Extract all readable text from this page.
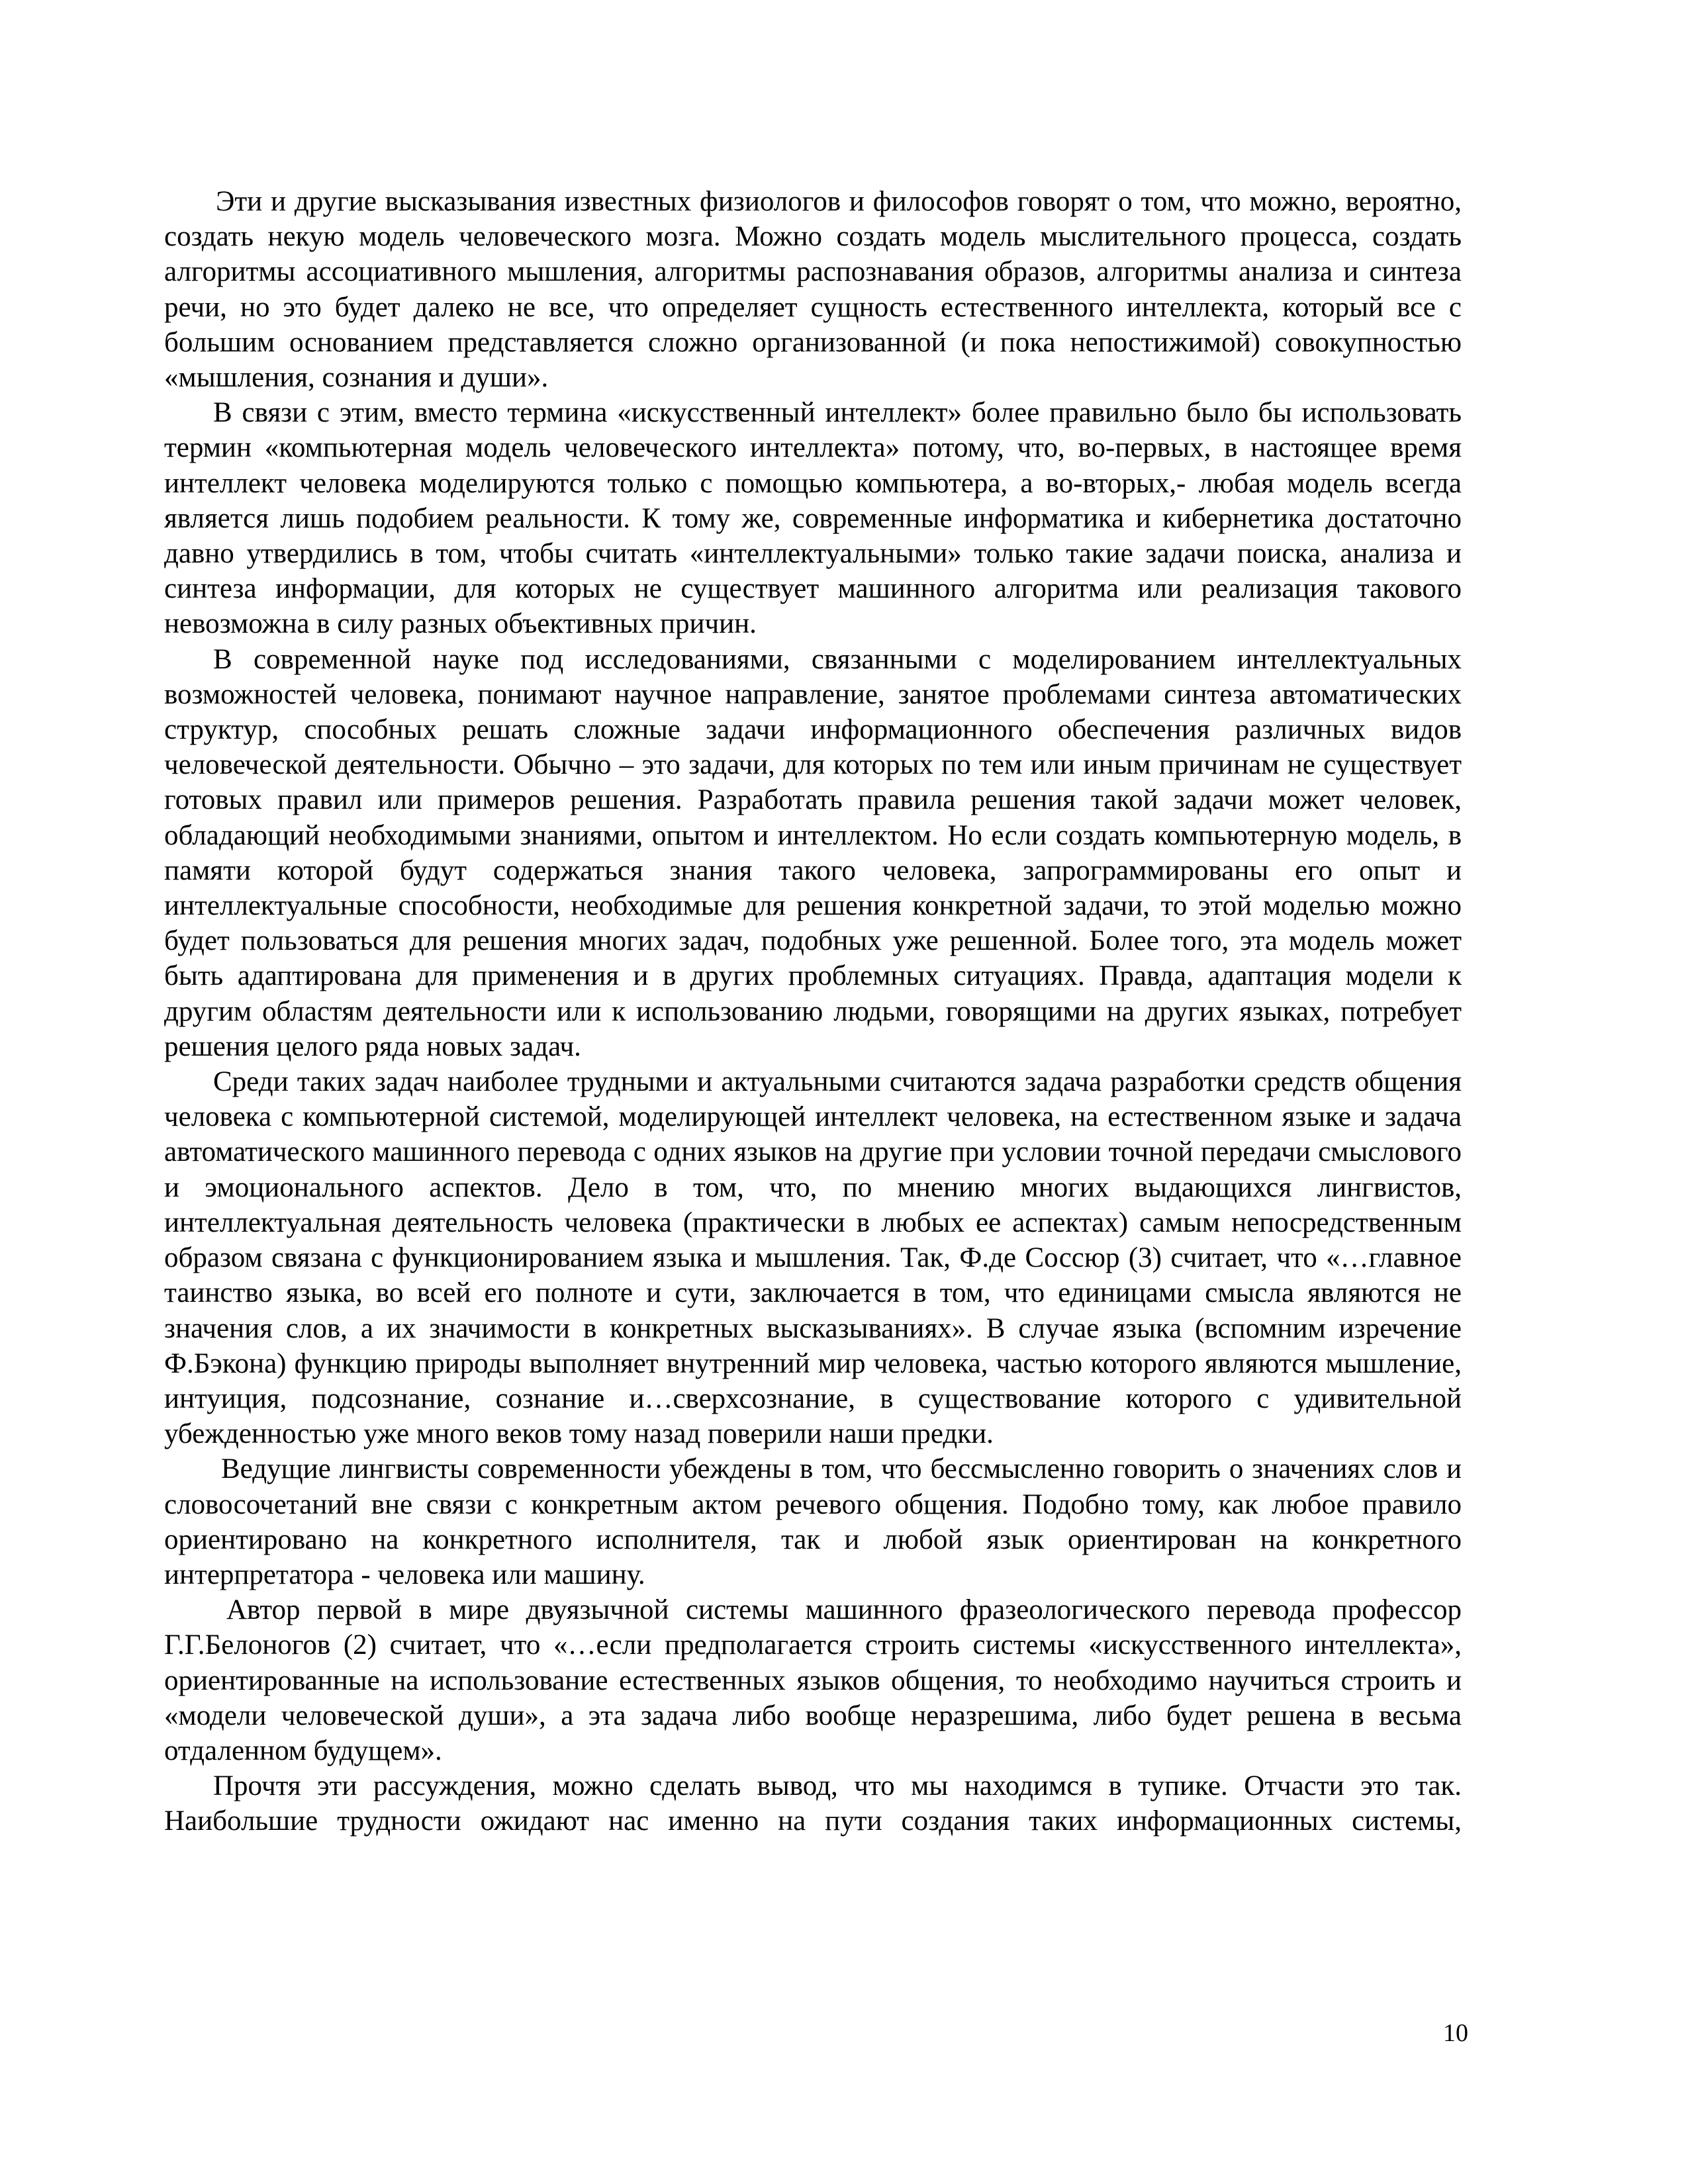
Эти и другие высказывания известных физиологов и философов говорят о том, что можно, вероятно, создать некую модель человеческого мозга. Можно создать модель мыслительного процесса, создать алгоритмы ассоциативного мышления, алгоритмы распознавания образов, алгоритмы анализа и синтеза речи, но это будет далеко не все, что определяет сущность естественного интеллекта, который все с большим основанием представляется сложно организованной (и пока непостижимой) совокупностью «мышления, сознания и души».

В связи с этим, вместо термина «искусственный интеллект» более правильно было бы использовать термин «компьютерная модель человеческого интеллекта» потому, что, во-первых, в настоящее время интеллект человека моделируются только с помощью компьютера, а во-вторых,- любая модель всегда является лишь подобием реальности. К тому же, современные информатика и кибернетика достаточно давно утвердились в том, чтобы считать «интеллектуальными» только такие задачи поиска, анализа и синтеза информации, для которых не существует машинного алгоритма или реализация такового невозможна в силу разных объективных причин.

В современной науке под исследованиями, связанными с моделированием интеллектуальных возможностей человека, понимают научное направление, занятое проблемами синтеза автоматических структур, способных решать сложные задачи информационного обеспечения различных видов человеческой деятельности. Обычно – это задачи, для которых по тем или иным причинам не существует готовых правил или примеров решения. Разработать правила решения такой задачи может человек, обладающий необходимыми знаниями, опытом и интеллектом. Но если создать компьютерную модель, в памяти которой будут содержаться знания такого человека, запрограммированы его опыт и интеллектуальные способности, необходимые для решения конкретной задачи, то этой моделью можно будет пользоваться для решения многих задач, подобных уже решенной. Более того, эта модель может быть адаптирована для применения и в других проблемных ситуациях. Правда, адаптация модели к другим областям деятельности или к использованию людьми, говорящими на других языках, потребует решения целого ряда новых задач.

Среди таких задач наиболее трудными и актуальными считаются задача разработки средств общения человека с компьютерной системой, моделирующей интеллект человека, на естественном языке и задача автоматического машинного перевода с одних языков на другие при условии точной передачи смыслового и эмоционального аспектов. Дело в том, что, по мнению многих выдающихся лингвистов, интеллектуальная деятельность человека (практически в любых ее аспектах) самым непосредственным образом связана с функционированием языка и мышления. Так, Ф.де Соссюр (3) считает, что «…главное таинство языка, во всей его полноте и сути, заключается в том, что единицами смысла являются не значения слов, а их значимости в конкретных высказываниях». В случае языка (вспомним изречение Ф.Бэкона) функцию природы выполняет внутренний мир человека, частью которого являются мышление, интуиция, подсознание, сознание и…сверхсознание, в существование которого с удивительной убежденностью уже много веков тому назад поверили наши предки.

Ведущие лингвисты современности убеждены в том, что бессмысленно говорить о значениях слов и словосочетаний вне связи с конкретным актом речевого общения. Подобно тому, как любое правило ориентировано на конкретного исполнителя, так и любой язык ориентирован на конкретного интерпретатора - человека или машину.

Автор первой в мире двуязычной системы машинного фразеологического перевода профессор Г.Г.Белоногов (2) считает, что «…если предполагается строить системы «искусственного интеллекта», ориентированные на использование естественных языков общения, то необходимо научиться строить и «модели человеческой души», а эта задача либо вообще неразрешима, либо будет решена в весьма отдаленном будущем».

Прочтя эти рассуждения, можно сделать вывод, что мы находимся в тупике. Отчасти это так. Наибольшие трудности ожидают нас именно на пути создания таких информационных системы,

10
